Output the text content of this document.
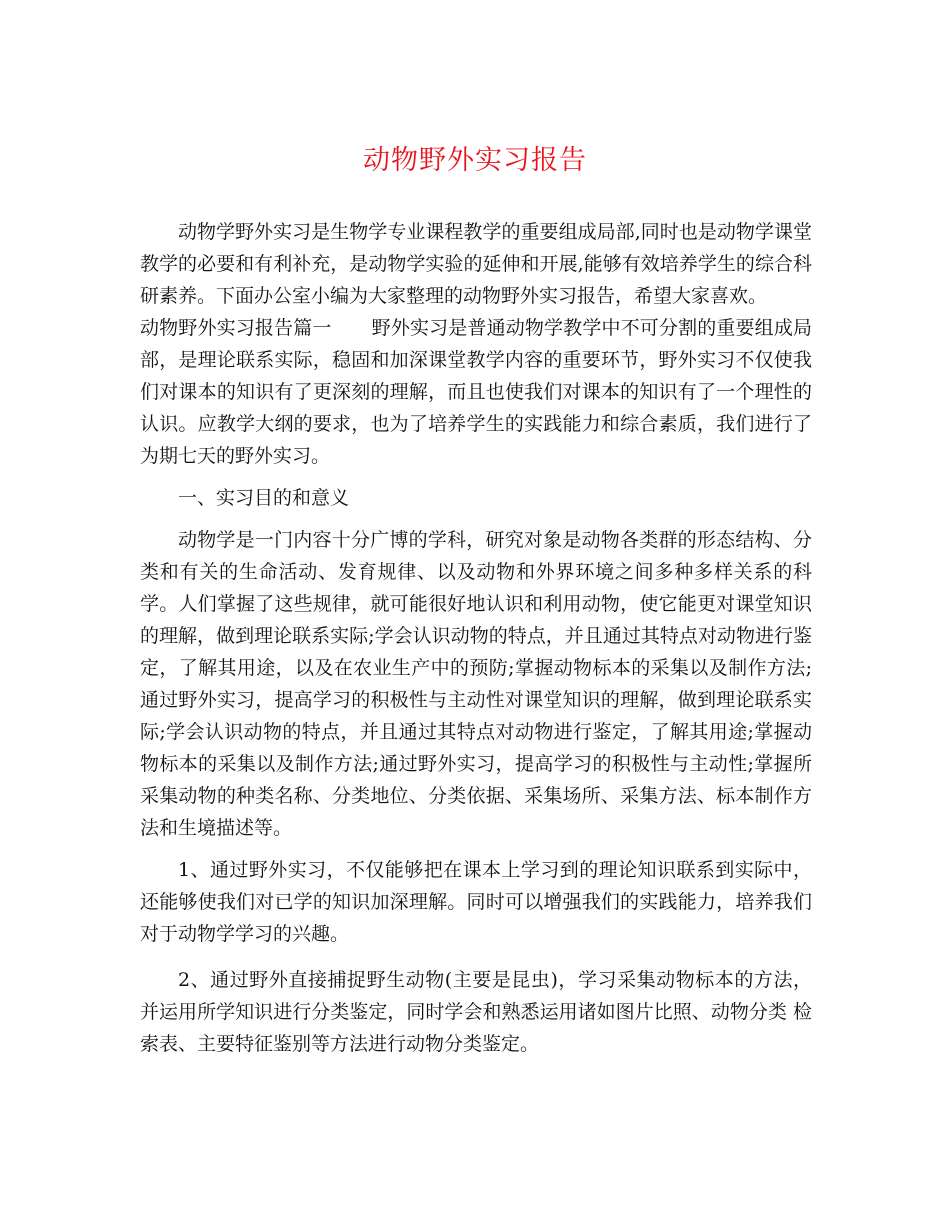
动物野外实习报告

动物学野外实习是生物学专业课程教学的重要组成局部,同时也是动物学课堂教学的必要和有利补充，是动物学实验的延伸和开展,能够有效培养学生的综合科研素养。下面办公室小编为大家整理的动物野外实习报告，希望大家喜欢。

动物野外实习报告篇一 野外实习是普通动物学教学中不可分割的重要组成局部，是理论联系实际，稳固和加深课堂教学内容的重要环节，野外实习不仅使我们对课本的知识有了更深刻的理解，而且也使我们对课本的知识有了一个理性的认识。应教学大纲的要求，也为了培养学生的实践能力和综合素质，我们进行了为期七天的野外实习。

一、实习目的和意义

动物学是一门内容十分广博的学科，研究对象是动物各类群的形态结构、分类和有关的生命活动、发育规律、以及动物和外界环境之间多种多样关系的科学。人们掌握了这些规律，就可能很好地认识和利用动物，使它能更对课堂知识的理解，做到理论联系实际;学会认识动物的特点，并且通过其特点对动物进行鉴定，了解其用途，以及在农业生产中的预防;掌握动物标本的采集以及制作方法;通过野外实习，提高学习的积极性与主动性对课堂知识的理解，做到理论联系实际;学会认识动物的特点，并且通过其特点对动物进行鉴定，了解其用途;掌握动物标本的采集以及制作方法;通过野外实习，提高学习的积极性与主动性;掌握所采集动物的种类名称、分类地位、分类依据、采集场所、采集方法、标本制作方法和生境描述等。

1、通过野外实习，不仅能够把在课本上学习到的理论知识联系到实际中，还能够使我们对已学的知识加深理解。同时可以增强我们的实践能力，培养我们对于动物学学习的兴趣。

2、通过野外直接捕捉野生动物(主要是昆虫)，学习采集动物标本的方法， 并运用所学知识进行分类鉴定，同时学会和熟悉运用诸如图片比照、动物分类 检索表、主要特征鉴别等方法进行动物分类鉴定。
